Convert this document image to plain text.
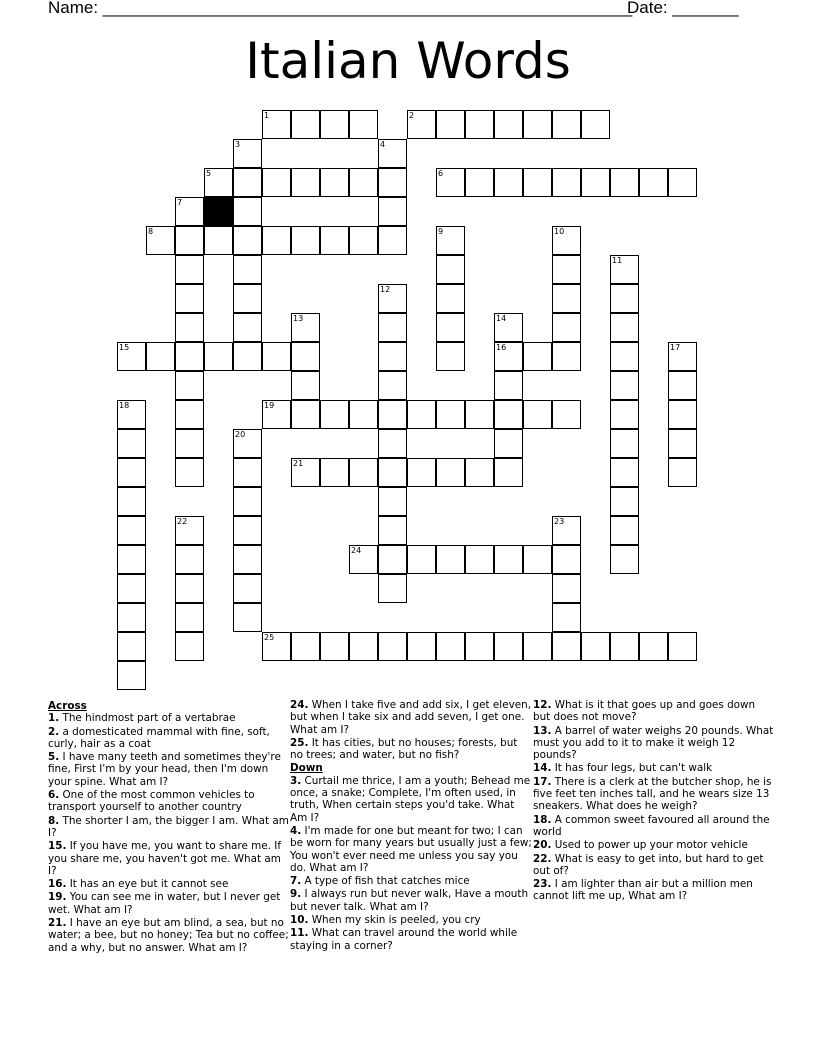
Name: ________________________________________________________
Date: _______
Italian Words
1	2
5	6
8
15	16
19
21
24
25
3	4
7
9	10
11
12
13	14
17
18
20
22	23
Across
1. The hindmost part of a vertabrae
2. a domesticated mammal with fine, soft, curly, hair as a coat
5. I have many teeth and sometimes they're fine, First I'm by your head, then I'm down your spine. What am I?
6. One of the most common vehicles to transport yourself to another country
8. The shorter I am, the bigger I am. What am I?
15. If you have me, you want to share me. If you share me, you haven't got me. What am I?
16. It has an eye but it cannot see
19. You can see me in water, but I never get wet. What am I?
21. I have an eye but am blind, a sea, but no water; a bee, but no honey; Tea but no coffee; and a why, but no answer. What am I?
24. When I take five and add six, I get eleven, but when I take six and add seven, I get one. What am I?
25. It has cities, but no houses; forests, but no trees; and water, but no fish?
Down
3. Curtail me thrice, I am a youth; Behead me once, a snake; Complete, I'm often used, in truth, When certain steps you'd take. What Am I?
4. I'm made for one but meant for two; I can be worn for many years but usually just a few; You won't ever need me unless you say you do. What am I?
7. A type of fish that catches mice
9. I always run but never walk, Have a mouth but never talk. What am I?
10. When my skin is peeled, you cry
11. What can travel around the world while staying in a corner?
12. What is it that goes up and goes down but does not move?
13. A barrel of water weighs 20 pounds. What must you add to it to make it weigh 12 pounds?
14. It has four legs, but can't walk
17. There is a clerk at the butcher shop, he is five feet ten inches tall, and he wears size 13 sneakers. What does he weigh?
18. A common sweet favoured all around the world
20. Used to power up your motor vehicle
22. What is easy to get into, but hard to get out of?
23. I am lighter than air but a million men cannot lift me up, What am I?
